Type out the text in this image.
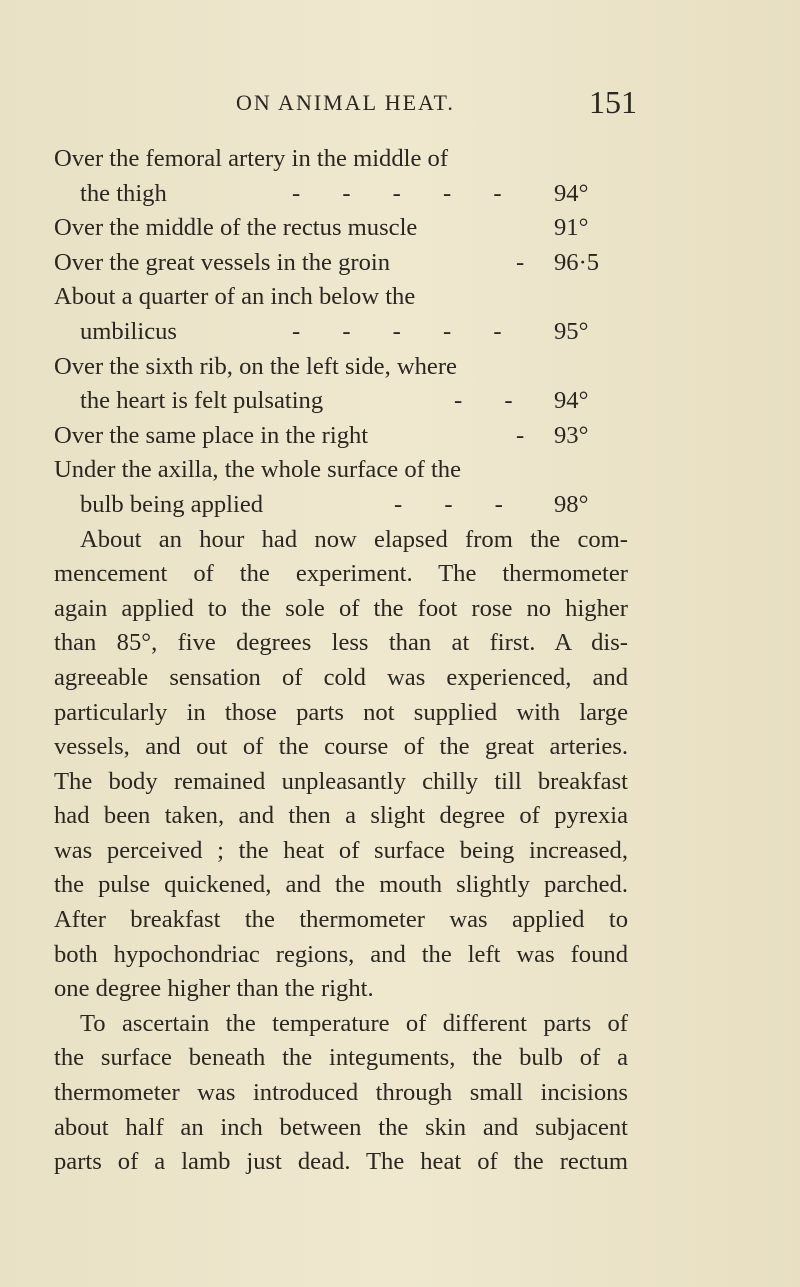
ON ANIMAL HEAT.	151
Over the femoral artery in the middle of
the thigh	- - - - - 94°
Over the middle of the rectus muscle	91°
Over the great vessels in the groin	- 96·5
About a quarter of an inch below the
umbilicus	- - - - - 95°
Over the sixth rib, on the left side, where
the heart is felt pulsating	- - 94°
Over the same place in the right	- 93°
Under the axilla, the whole surface of the
bulb being applied	- - - 98°
About an hour had now elapsed from the com-
mencement of the experiment. The thermometer
again applied to the sole of the foot rose no higher
than 85°, five degrees less than at first. A dis-
agreeable sensation of cold was experienced, and
particularly in those parts not supplied with large
vessels, and out of the course of the great arteries.
The body remained unpleasantly chilly till breakfast
had been taken, and then a slight degree of pyrexia
was perceived ; the heat of surface being increased,
the pulse quickened, and the mouth slightly parched.
After breakfast the thermometer was applied to
both hypochondriac regions, and the left was found
one degree higher than the right.
To ascertain the temperature of different parts of
the surface beneath the integuments, the bulb of a
thermometer was introduced through small incisions
about half an inch between the skin and subjacent
parts of a lamb just dead. The heat of the rectum
